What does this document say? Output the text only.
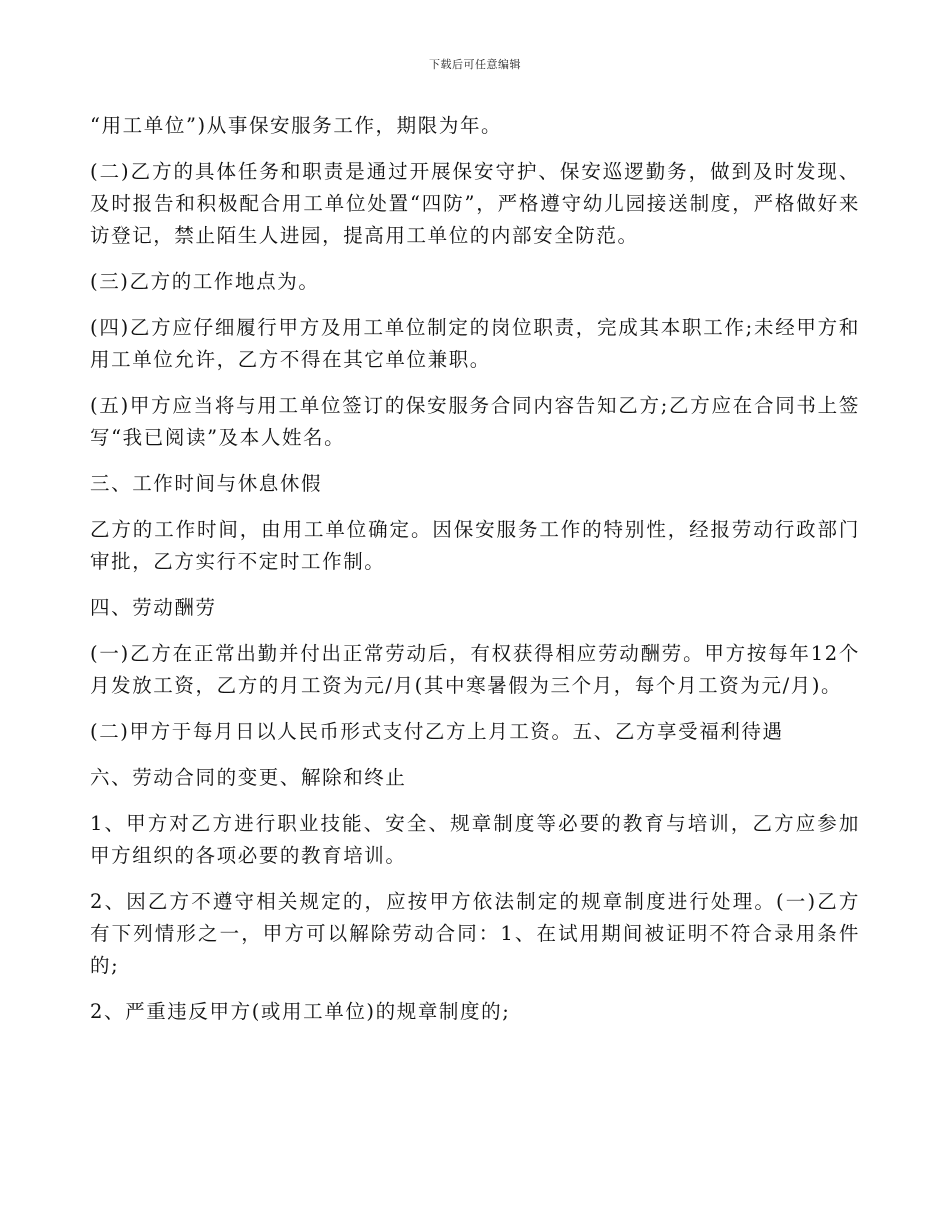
下载后可任意编辑

“用工单位”)从事保安服务工作，期限为年。

(二)乙方的具体任务和职责是通过开展保安守护、保安巡逻勤务，做到及时发现、及时报告和积极配合用工单位处置“四防”，严格遵守幼儿园接送制度，严格做好来访登记，禁止陌生人进园，提高用工单位的内部安全防范。

(三)乙方的工作地点为。

(四)乙方应仔细履行甲方及用工单位制定的岗位职责，完成其本职工作;未经甲方和用工单位允许，乙方不得在其它单位兼职。

(五)甲方应当将与用工单位签订的保安服务合同内容告知乙方;乙方应在合同书上签写“我已阅读”及本人姓名。

三、工作时间与休息休假

乙方的工作时间，由用工单位确定。因保安服务工作的特别性，经报劳动行政部门审批，乙方实行不定时工作制。

四、劳动酬劳

(一)乙方在正常出勤并付出正常劳动后，有权获得相应劳动酬劳。甲方按每年12个月发放工资，乙方的月工资为元/月(其中寒暑假为三个月，每个月工资为元/月)。

(二)甲方于每月日以人民币形式支付乙方上月工资。五、乙方享受福利待遇

六、劳动合同的变更、解除和终止

1、甲方对乙方进行职业技能、安全、规章制度等必要的教育与培训，乙方应参加甲方组织的各项必要的教育培训。

2、因乙方不遵守相关规定的，应按甲方依法制定的规章制度进行处理。(一)乙方有下列情形之一，甲方可以解除劳动合同：1、在试用期间被证明不符合录用条件的;

2、严重违反甲方(或用工单位)的规章制度的;
